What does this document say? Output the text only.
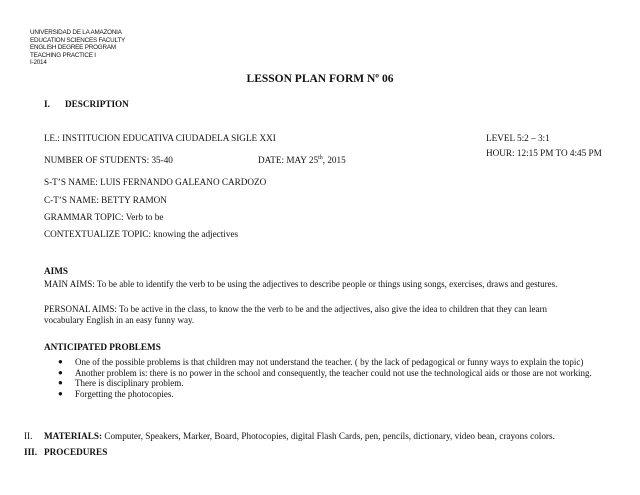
UNIVERSIDAD DE LA AMAZONIA
EDUCATION SCIENCES FACULTY
ENGLISH DEGREE PROGRAM
TEACHING PRACTICE I
I-2014
LESSON PLAN FORM Nº 06
I. DESCRIPTION
I.E.: INSTITUCION EDUCATIVA CIUDADELA SIGLE XXI	LEVEL 5:2 – 3:1
HOUR: 12:15 PM TO 4:45 PM
NUMBER OF STUDENTS: 35-40	DATE: MAY 25th, 2015
S-T’S NAME: LUIS FERNANDO GALEANO CARDOZO
C-T’S NAME: BETTY RAMON
GRAMMAR TOPIC: Verb to be
CONTEXTUALIZE TOPIC: knowing the adjectives
AIMS
MAIN AIMS: To be able to identify the verb to be using the adjectives to describe people or things using songs, exercises, draws and gestures.
PERSONAL AIMS: To be active in the class, to know the the verb to be and the adjectives, also give the idea to children that they can learn vocabulary English in an easy funny way.
ANTICIPATED PROBLEMS
● One of the possible problems is that children may not understand the teacher. ( by the lack of pedagogical or funny ways to explain the topic)
● Another problem is: there is no power in the school and consequently, the teacher could not use the technological aids or those are not working.
● There is disciplinary problem.
● Forgetting the photocopies.
II. MATERIALS: Computer, Speakers, Marker, Board, Photocopies, digital Flash Cards, pen, pencils, dictionary, video bean, crayons colors.
III. PROCEDURES
